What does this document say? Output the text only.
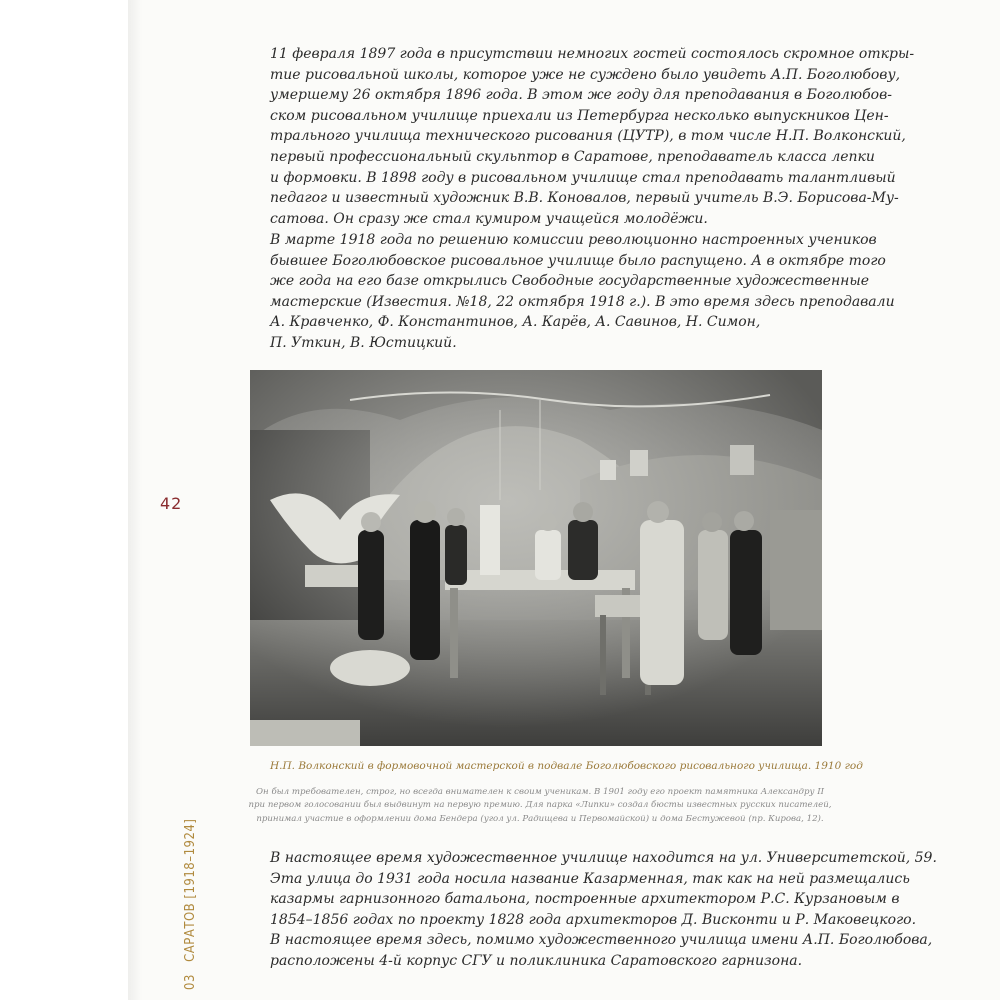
42
03 САРАТОВ [1918–1924]

11 февраля 1897 года в присутствии немногих гостей состоялось скромное откры-

тие рисовальной школы, которое уже не суждено было увидеть А.П. Боголюбову,

умершему 26 октября 1896 года. В этом же году для преподавания в Боголюбов-

ском рисовальном училище приехали из Петербурга несколько выпускников Цен-

трального училища технического рисования (ЦУТР), в том числе Н.П. Волконский,

первый профессиональный скульптор в Саратове, преподаватель класса лепки

и формовки. В 1898 году в рисовальном училище стал преподавать талантливый

педагог и известный художник В.В. Коновалов, первый учитель В.Э. Борисова-Му-

сатова. Он сразу же стал кумиром учащейся молодёжи.

В марте 1918 года по решению комиссии революционно настроенных учеников

бывшее Боголюбовское рисовальное училище было распущено. А в октябре того

же года на его базе открылись Свободные государственные художественные

мастерские (Известия. №18, 22 октября 1918 г.). В это время здесь преподавали

А. Кравченко, Ф. Константинов, А. Карёв, А. Савинов, Н. Симон,

П. Уткин, В. Юстицкий.

Н.П. Волконский в формовочной мастерской в подвале Боголюбовского рисовального училища. 1910 год

Он был требователен, строг, но всегда внимателен к своим ученикам. В 1901 году его проект памятника Александру II

при первом голосовании был выдвинут на первую премию. Для парка «Липки» создал бюсты известных русских писателей,

принимал участие в оформлении дома Бендера (угол ул. Радищева и Первомайской) и дома Бестужевой (пр. Кирова, 12).

В настоящее время художественное училище находится на ул. Университетской, 59.

Эта улица до 1931 года носила название Казарменная, так как на ней размещались

казармы гарнизонного батальона, построенные архитектором Р.С. Курзановым в

1854–1856 годах по проекту 1828 года архитекторов Д. Висконти и Р. Маковецкого.

В настоящее время здесь, помимо художественного училища имени А.П. Боголюбова,

расположены 4-й корпус СГУ и поликлиника Саратовского гарнизона.
